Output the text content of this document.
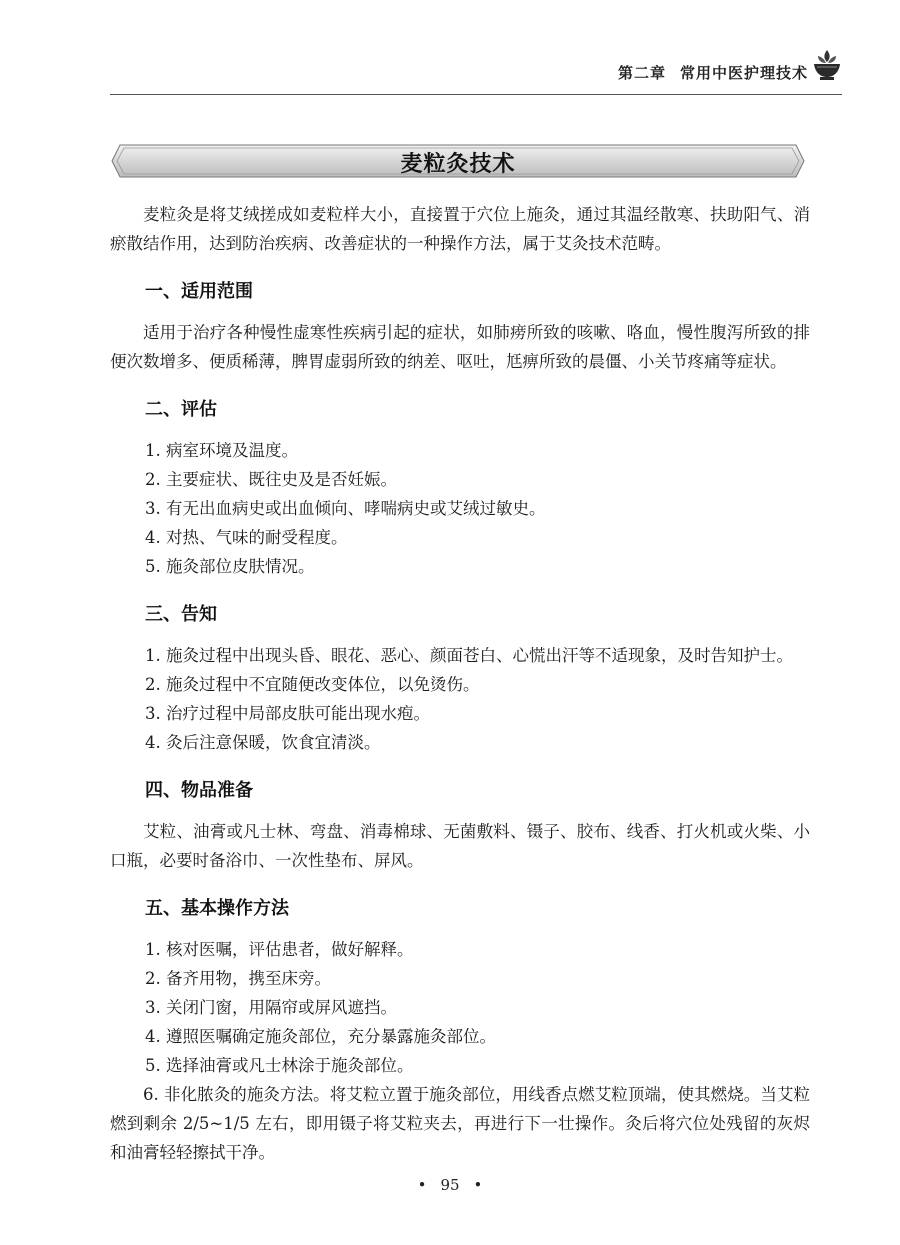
第二章 常用中医护理技术
麦粒灸技术

麦粒灸是将艾绒搓成如麦粒样大小，直接置于穴位上施灸，通过其温经散寒、扶助阳气、消瘀散结作用，达到防治疾病、改善症状的一种操作方法，属于艾灸技术范畴。

一、适用范围

适用于治疗各种慢性虚寒性疾病引起的症状，如肺痨所致的咳嗽、咯血，慢性腹泻所致的排便次数增多、便质稀薄，脾胃虚弱所致的纳差、呕吐，尪痹所致的晨僵、小关节疼痛等症状。

二、评估
1. 病室环境及温度。
2. 主要症状、既往史及是否妊娠。
3. 有无出血病史或出血倾向、哮喘病史或艾绒过敏史。
4. 对热、气味的耐受程度。
5. 施灸部位皮肤情况。
三、告知
1. 施灸过程中出现头昏、眼花、恶心、颜面苍白、心慌出汗等不适现象，及时告知护士。
2. 施灸过程中不宜随便改变体位，以免烫伤。
3. 治疗过程中局部皮肤可能出现水疱。
4. 灸后注意保暖，饮食宜清淡。
四、物品准备

艾粒、油膏或凡士林、弯盘、消毒棉球、无菌敷料、镊子、胶布、线香、打火机或火柴、小口瓶，必要时备浴巾、一次性垫布、屏风。

五、基本操作方法
1. 核对医嘱，评估患者，做好解释。
2. 备齐用物，携至床旁。
3. 关闭门窗，用隔帘或屏风遮挡。
4. 遵照医嘱确定施灸部位，充分暴露施灸部位。
5. 选择油膏或凡士林涂于施灸部位。

6. 非化脓灸的施灸方法。将艾粒立置于施灸部位，用线香点燃艾粒顶端，使其燃烧。当艾粒燃到剩余 2/5~1/5 左右，即用镊子将艾粒夹去，再进行下一壮操作。灸后将穴位处残留的灰烬和油膏轻轻擦拭干净。

• 95 •
